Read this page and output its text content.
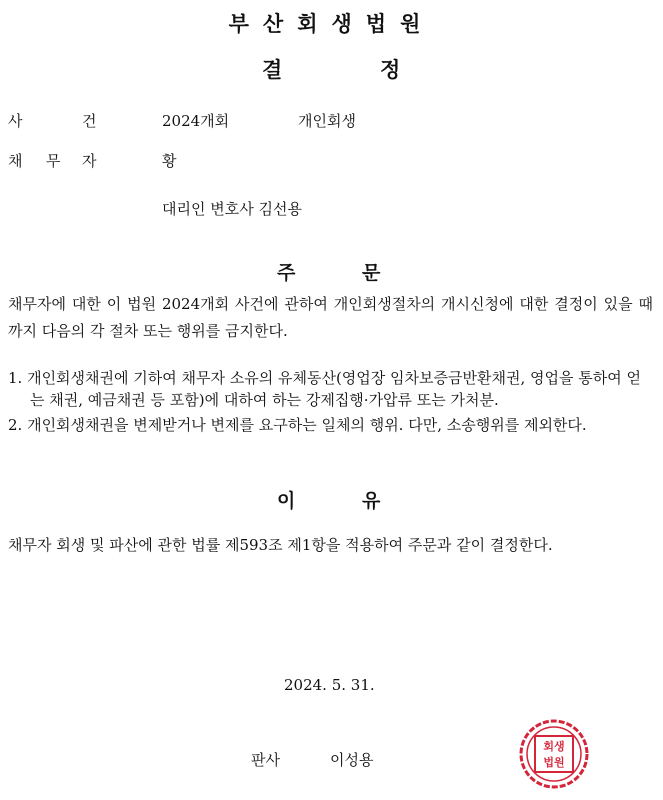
부산회생법원
결	정
사	건	2024개회	개인회생
채 무 자	황
대리인 변호사 김선용
주	문
채무자에 대한 이 법원 2024개회 사건에 관하여 개인회생절차의 개시신청에 대한 결정이 있을 때까지 다음의 각 절차 또는 행위를 금지한다.
1. 개인회생채권에 기하여 채무자 소유의 유체동산(영업장 임차보증금반환채권, 영업을 통하여 얻는 채권, 예금채권 등 포함)에 대하여 하는 강제집행·가압류 또는 가처분.
2. 개인회생채권을 변제받거나 변제를 요구하는 일체의 행위. 다만, 소송행위를 제외한다.
이	유
채무자 회생 및 파산에 관한 법률 제593조 제1항을 적용하여 주문과 같이 결정한다.
2024. 5. 31.
판사	이성용
회생
법원
